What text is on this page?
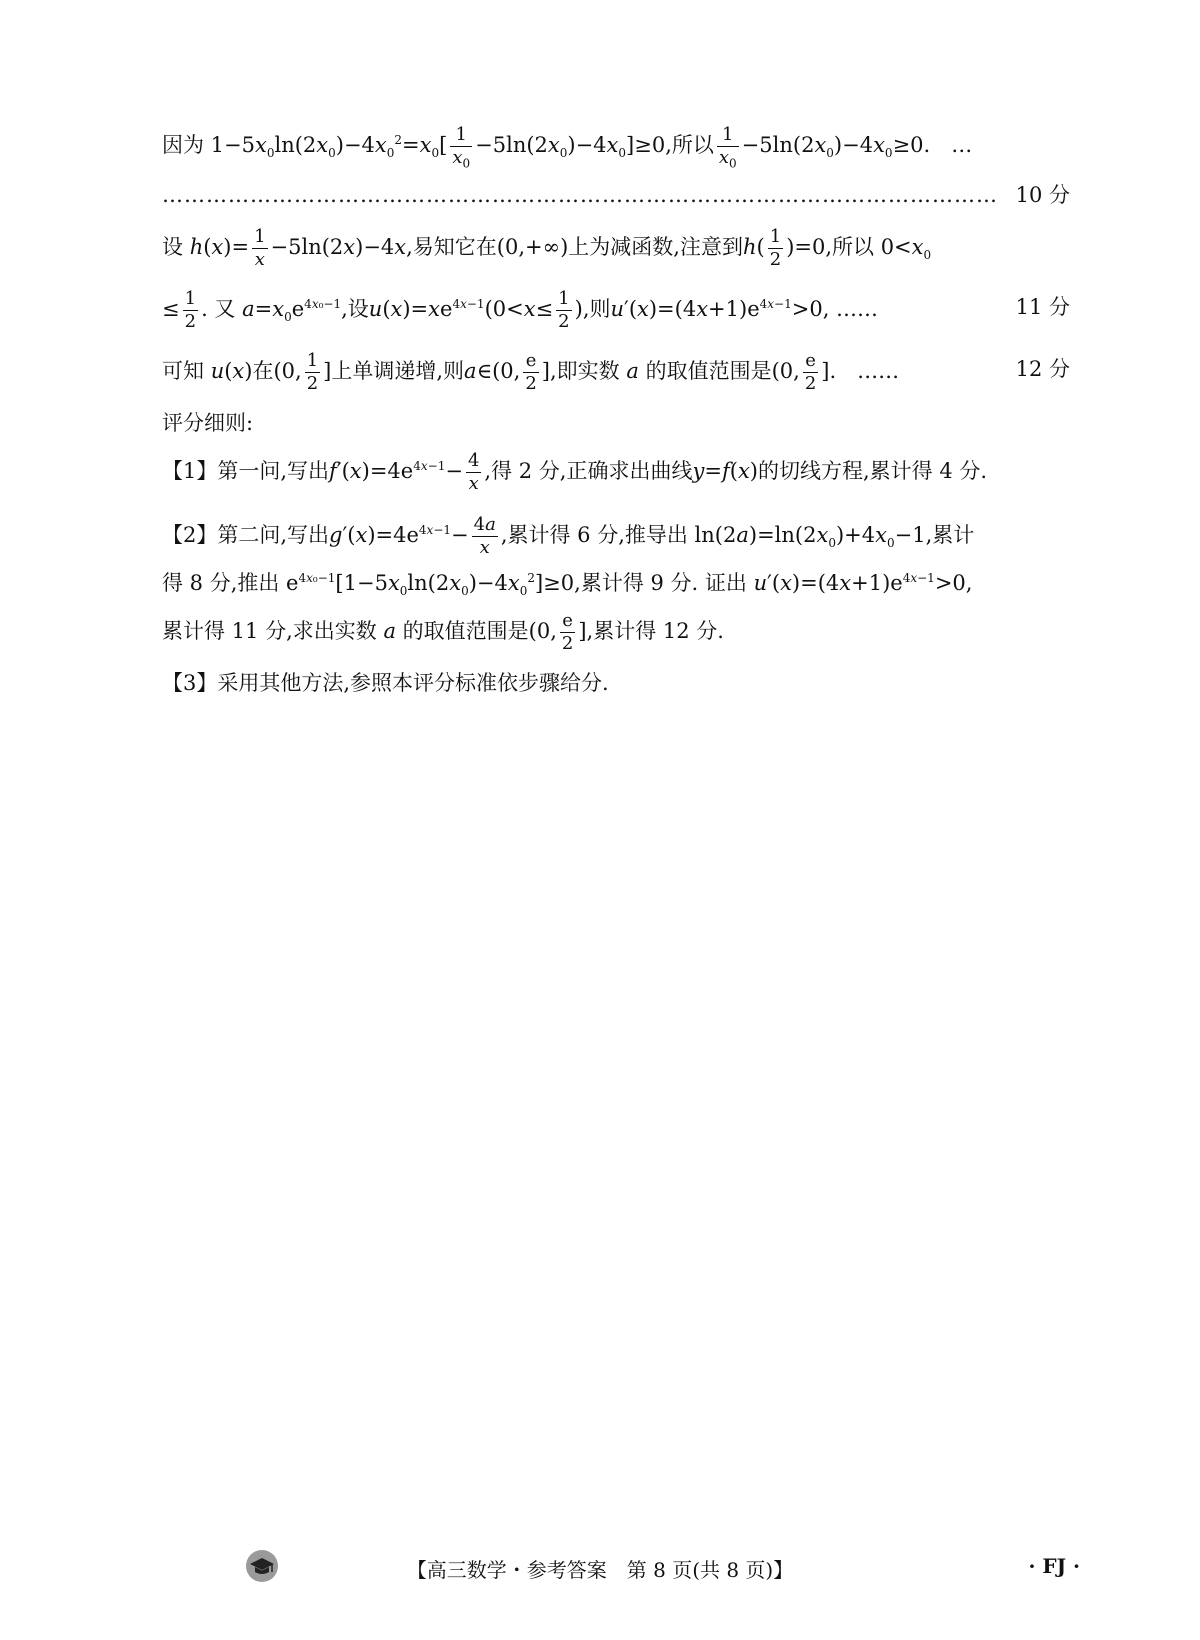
因为 $1-5x_0\ln(2x_0)-4x_0^2=x_0[ \frac{1}{x_0} -5\ln(2x_0)-4x_0]\ge 0$,所以 $\frac{1}{x_0} -5\ln(2x_0)-4x_0\ge 0$.　…
…………………………………………………………………………………………………… 10 分
设 $h(x)= \frac{1}{x} -5\ln(2x)-4x$,易知它在(0,+∞)上为减函数,注意到$h( \frac{1}{2} )=0$,所以 $0<x_0$
≤ $\frac{1}{2}$ . 又 $a=x_0e^{4x_0-1}$,设$u(x)=xe^{4x-1}(0<x\le \frac{1}{2}$ ),则$u'(x)=(4x+1)e^{4x-1}>0$, ……	11 分
可知 u(x)在(0, $\frac{1}{2}$ ]上单调递增,则a∈(0, $\frac{e}{2}$ ],即实数 a 的取值范围是(0, $\frac{e}{2}$ ].　……	12 分
评分细则:
【1】第一问,写出$f'(x)=4e^{4x-1}- \frac{4}{x}$ ,得 2 分,正确求出曲线y=f(x)的切线方程,累计得 4 分.
【2】第二问,写出$g'(x)=4e^{4x-1}- \frac{4a}{x}$ ,累计得 6 分,推导出 $\ln(2a)=\ln(2x_0)+4x_0-1$,累计
得 8 分,推出 $e^{4x_0-1}[1-5x_0\ln(2x_0)-4x_0^2]\ge 0$,累计得 9 分. 证出 $u'(x)=(4x+1)e^{4x-1}>0$,
累计得 11 分,求出实数 a 的取值范围是(0, $\frac{e}{2}$ ],累计得 12 分.
【3】采用其他方法,参照本评分标准依步骤给分.
【高三数学・参考答案　第 8 页(共 8 页)】	· FJ ·
